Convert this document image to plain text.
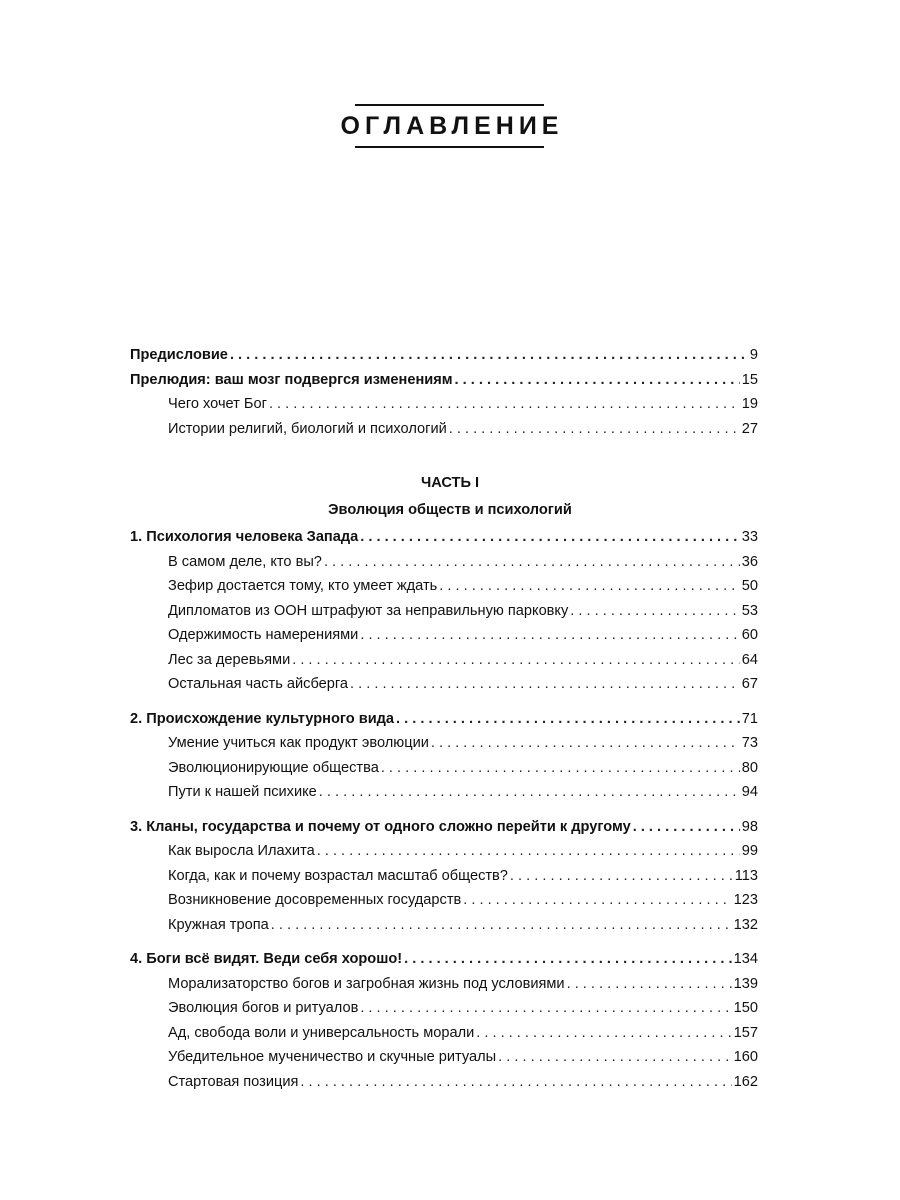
ОГЛАВЛЕНИЕ
Предисловие . . .	9
Прелюдия: ваш мозг подвергся изменениям . . .	15
Чего хочет Бог . . .	19
Истории религий, биологий и психологий . . .	27
ЧАСТЬ I
Эволюция обществ и психологий
1. Психология человека Запада . . .	33
В самом деле, кто вы? . . .	36
Зефир достается тому, кто умеет ждать . . .	50
Дипломатов из ООН штрафуют за неправильную парковку . . .	53
Одержимость намерениями . . .	60
Лес за деревьями . . .	64
Остальная часть айсберга . . .	67
2. Происхождение культурного вида . . .	71
Умение учиться как продукт эволюции . . .	73
Эволюционирующие общества . . .	80
Пути к нашей психике . . .	94
3. Кланы, государства и почему от одного сложно перейти к другому . . .	98
Как выросла Илахита . . .	99
Когда, как и почему возрастал масштаб обществ? . . .	113
Возникновение досовременных государств . . .	123
Кружная тропа . . .	132
4. Боги всё видят. Веди себя хорошо! . . .	134
Морализаторство богов и загробная жизнь под условиями . . .	139
Эволюция богов и ритуалов . . .	150
Ад, свобода воли и универсальность морали . . .	157
Убедительное мученичество и скучные ритуалы . . .	160
Стартовая позиция . . .	162
